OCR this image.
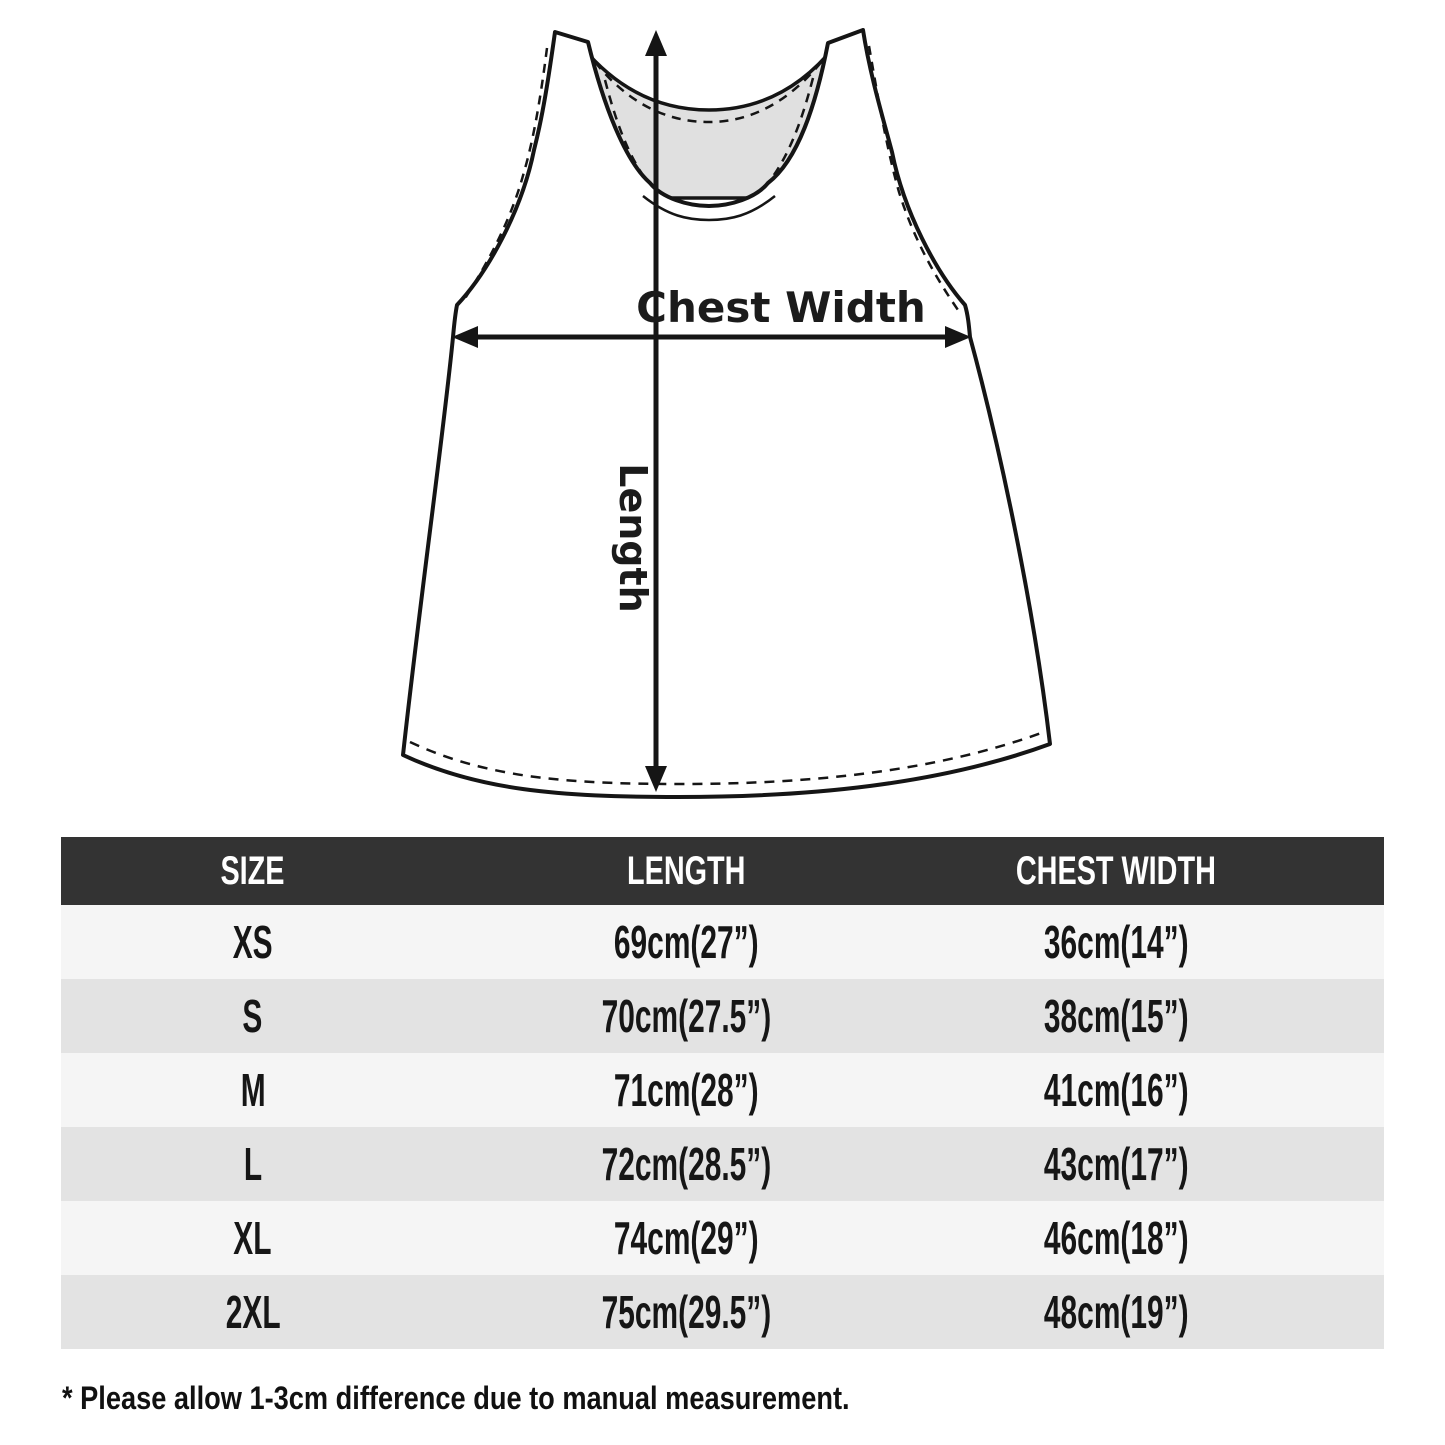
Chest Width
Length
SIZE	LENGTH	CHEST WIDTH
XS	69cm(27”)	36cm(14”)
S	70cm(27.5”)	38cm(15”)
M	71cm(28”)	41cm(16”)
L	72cm(28.5”)	43cm(17”)
XL	74cm(29”)	46cm(18”)
2XL	75cm(29.5”)	48cm(19”)
* Please allow 1-3cm difference due to manual measurement.
